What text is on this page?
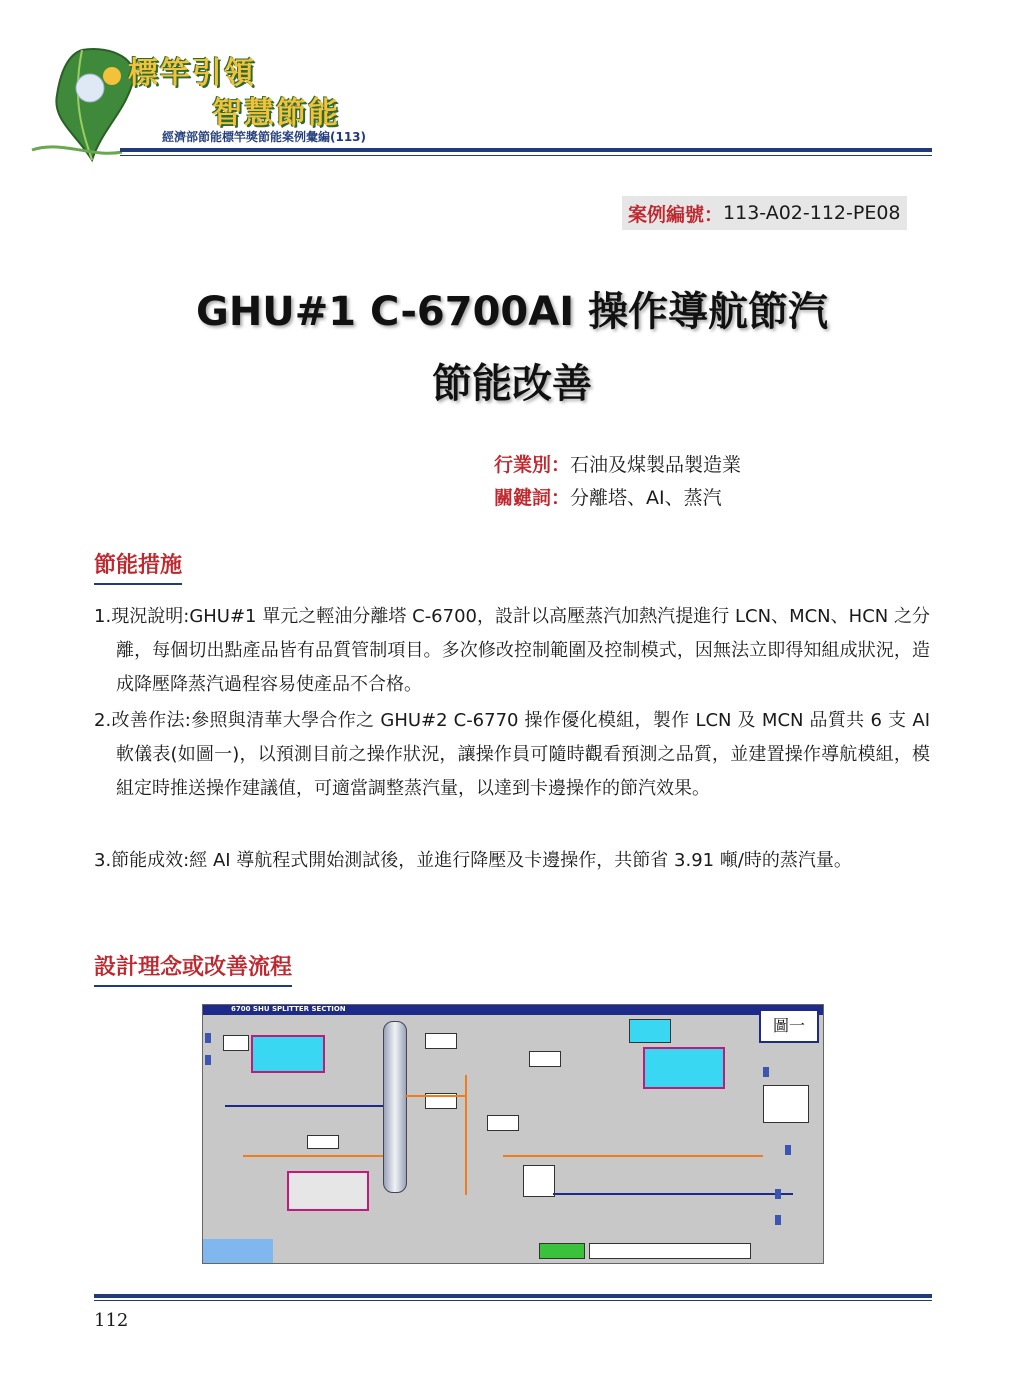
標竿引領
智慧節能
經濟部節能標竿獎節能案例彙編(113)
案例編號： 113-A02-112-PE08
GHU#1 C-6700AI 操作導航節汽
節能改善
行業別：石油及煤製品製造業
關鍵詞：分離塔、AI、蒸汽
節能措施
1.現況說明:GHU#1 單元之輕油分離塔 C-6700，設計以高壓蒸汽加熱汽提進行 LCN、MCN、HCN 之分離，每個切出點產品皆有品質管制項目。多次修改控制範圍及控制模式，因無法立即得知組成狀況，造成降壓降蒸汽過程容易使產品不合格。
2.改善作法:參照與清華大學合作之 GHU#2 C-6770 操作優化模組，製作 LCN 及 MCN 品質共 6 支 AI 軟儀表(如圖一)，以預測目前之操作狀況，讓操作員可隨時觀看預測之品質，並建置操作導航模組，模組定時推送操作建議值，可適當調整蒸汽量，以達到卡邊操作的節汽效果。
3.節能成效:經 AI 導航程式開始測試後，並進行降壓及卡邊操作，共節省 3.91 噸/時的蒸汽量。
設計理念或改善流程
6700 SHU SPLITTER SECTION
圖一
112
